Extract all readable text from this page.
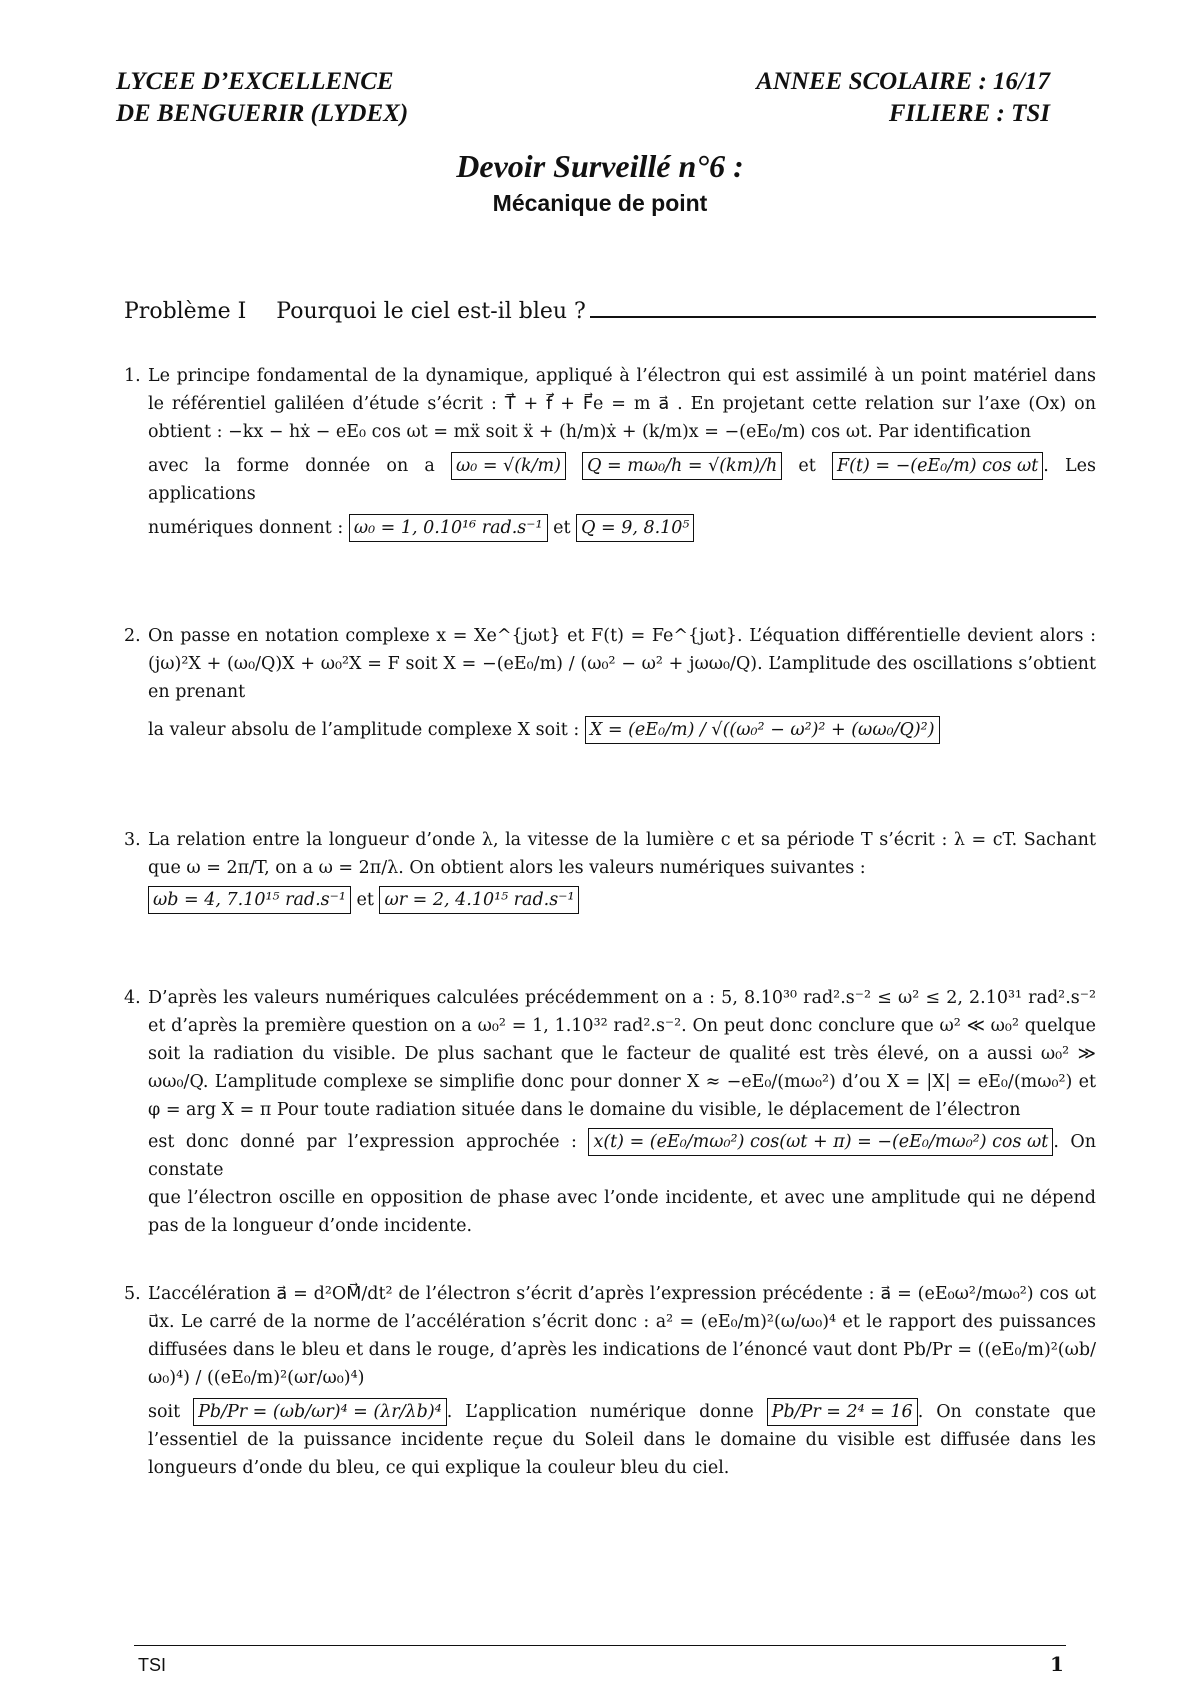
LYCEE D’EXCELLENCE
DE BENGUERIR (LYDEX)
ANNEE SCOLAIRE : 16/17
FILIERE : TSI
Devoir Surveillé n°6 :
Mécanique de point
Problème I Pourquoi le ciel est-il bleu ?
1. Le principe fondamental de la dynamique, appliqué à l’électron qui est assimilé à un point matériel dans le référentiel galiléen d’étude s’écrit : T⃗ + f⃗ + F⃗e = m a⃗ . En projetant cette relation sur l’axe (Ox) on obtient : −kx − hẋ − eE₀ cos ωt = mẍ soit ẍ + (h/m)ẋ + (k/m)x = −(eE₀/m) cos ωt. Par identification

avec la forme donnée on a ω₀ = √(k/m) Q = mω₀/h = √(km)/h et F(t) = −(eE₀/m) cos ωt . Les applications

numériques donnent : ω₀ = 1, 0.10¹⁶ rad.s⁻¹ et Q = 9, 8.10⁵

2. On passe en notation complexe x = Xe^{jωt} et F(t) = Fe^{jωt}. L’équation différentielle devient alors : (jω)²X + (ω₀/Q)X + ω₀²X = F soit X = −(eE₀/m) / (ω₀² − ω² + jωω₀/Q). L’amplitude des oscillations s’obtient en prenant

la valeur absolu de l’amplitude complexe X soit : X = (eE₀/m) / √((ω₀² − ω²)² + (ωω₀/Q)²)

3. La relation entre la longueur d’onde λ, la vitesse de la lumière c et sa période T s’écrit : λ = cT. Sachant que ω = 2π/T, on a ω = 2π/λ. On obtient alors les valeurs numériques suivantes :

ωb = 4, 7.10¹⁵ rad.s⁻¹ et ωr = 2, 4.10¹⁵ rad.s⁻¹

4. D’après les valeurs numériques calculées précédemment on a : 5, 8.10³⁰ rad².s⁻² ≤ ω² ≤ 2, 2.10³¹ rad².s⁻² et d’après la première question on a ω₀² = 1, 1.10³² rad².s⁻². On peut donc conclure que ω² ≪ ω₀² quelque soit la radiation du visible. De plus sachant que le facteur de qualité est très élevé, on a aussi ω₀² ≫ ωω₀/Q. L’amplitude complexe se simplifie donc pour donner X ≈ −eE₀/(mω₀²) d’ou X = |X| = eE₀/(mω₀²) et φ = arg X = π Pour toute radiation située dans le domaine du visible, le déplacement de l’électron

est donc donné par l’expression approchée : x(t) = (eE₀/mω₀²) cos(ωt + π) = −(eE₀/mω₀²) cos ωt . On constate

que l’électron oscille en opposition de phase avec l’onde incidente, et avec une amplitude qui ne dépend pas de la longueur d’onde incidente.

5. L’accélération a⃗ = d²OM⃗/dt² de l’électron s’écrit d’après l’expression précédente : a⃗ = (eE₀ω²/mω₀²) cos ωt u⃗x. Le carré de la norme de l’accélération s’écrit donc : a² = (eE₀/m)²(ω/ω₀)⁴ et le rapport des puissances diffusées dans le bleu et dans le rouge, d’après les indications de l’énoncé vaut dont Pb/Pr = ((eE₀/m)²(ωb/ω₀)⁴) / ((eE₀/m)²(ωr/ω₀)⁴)

soit Pb/Pr = (ωb/ωr)⁴ = (λr/λb)⁴ . L’application numérique donne Pb/Pr = 2⁴ = 16 . On constate que l’essentiel de la puissance incidente reçue du Soleil dans le domaine du visible est diffusée dans les longueurs d’onde du bleu, ce qui explique la couleur bleu du ciel.

TSI	1
